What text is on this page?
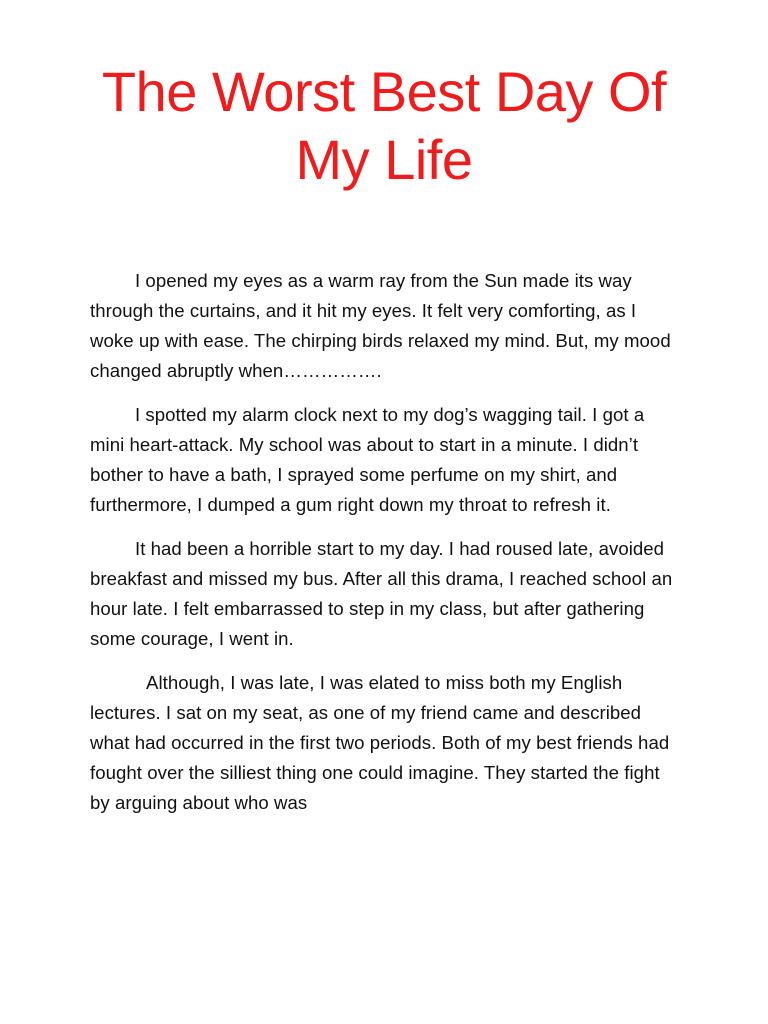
The Worst Best Day Of My Life

I opened my eyes as a warm ray from the Sun made its way through the curtains, and it hit my eyes. It felt very comforting, as I woke up with ease. The chirping birds relaxed my mind. But, my mood changed abruptly when…………….

I spotted my alarm clock next to my dog’s wagging tail. I got a mini heart-attack. My school was about to start in a minute. I didn’t bother to have a bath, I sprayed some perfume on my shirt, and furthermore, I dumped a gum right down my throat to refresh it.

It had been a horrible start to my day. I had roused late, avoided breakfast and missed my bus. After all this drama, I reached school an hour late. I felt embarrassed to step in my class, but after gathering some courage, I went in.

Although, I was late, I was elated to miss both my English lectures. I sat on my seat, as one of my friend came and described what had occurred in the first two periods. Both of my best friends had fought over the silliest thing one could imagine. They started the fight by arguing about who was
